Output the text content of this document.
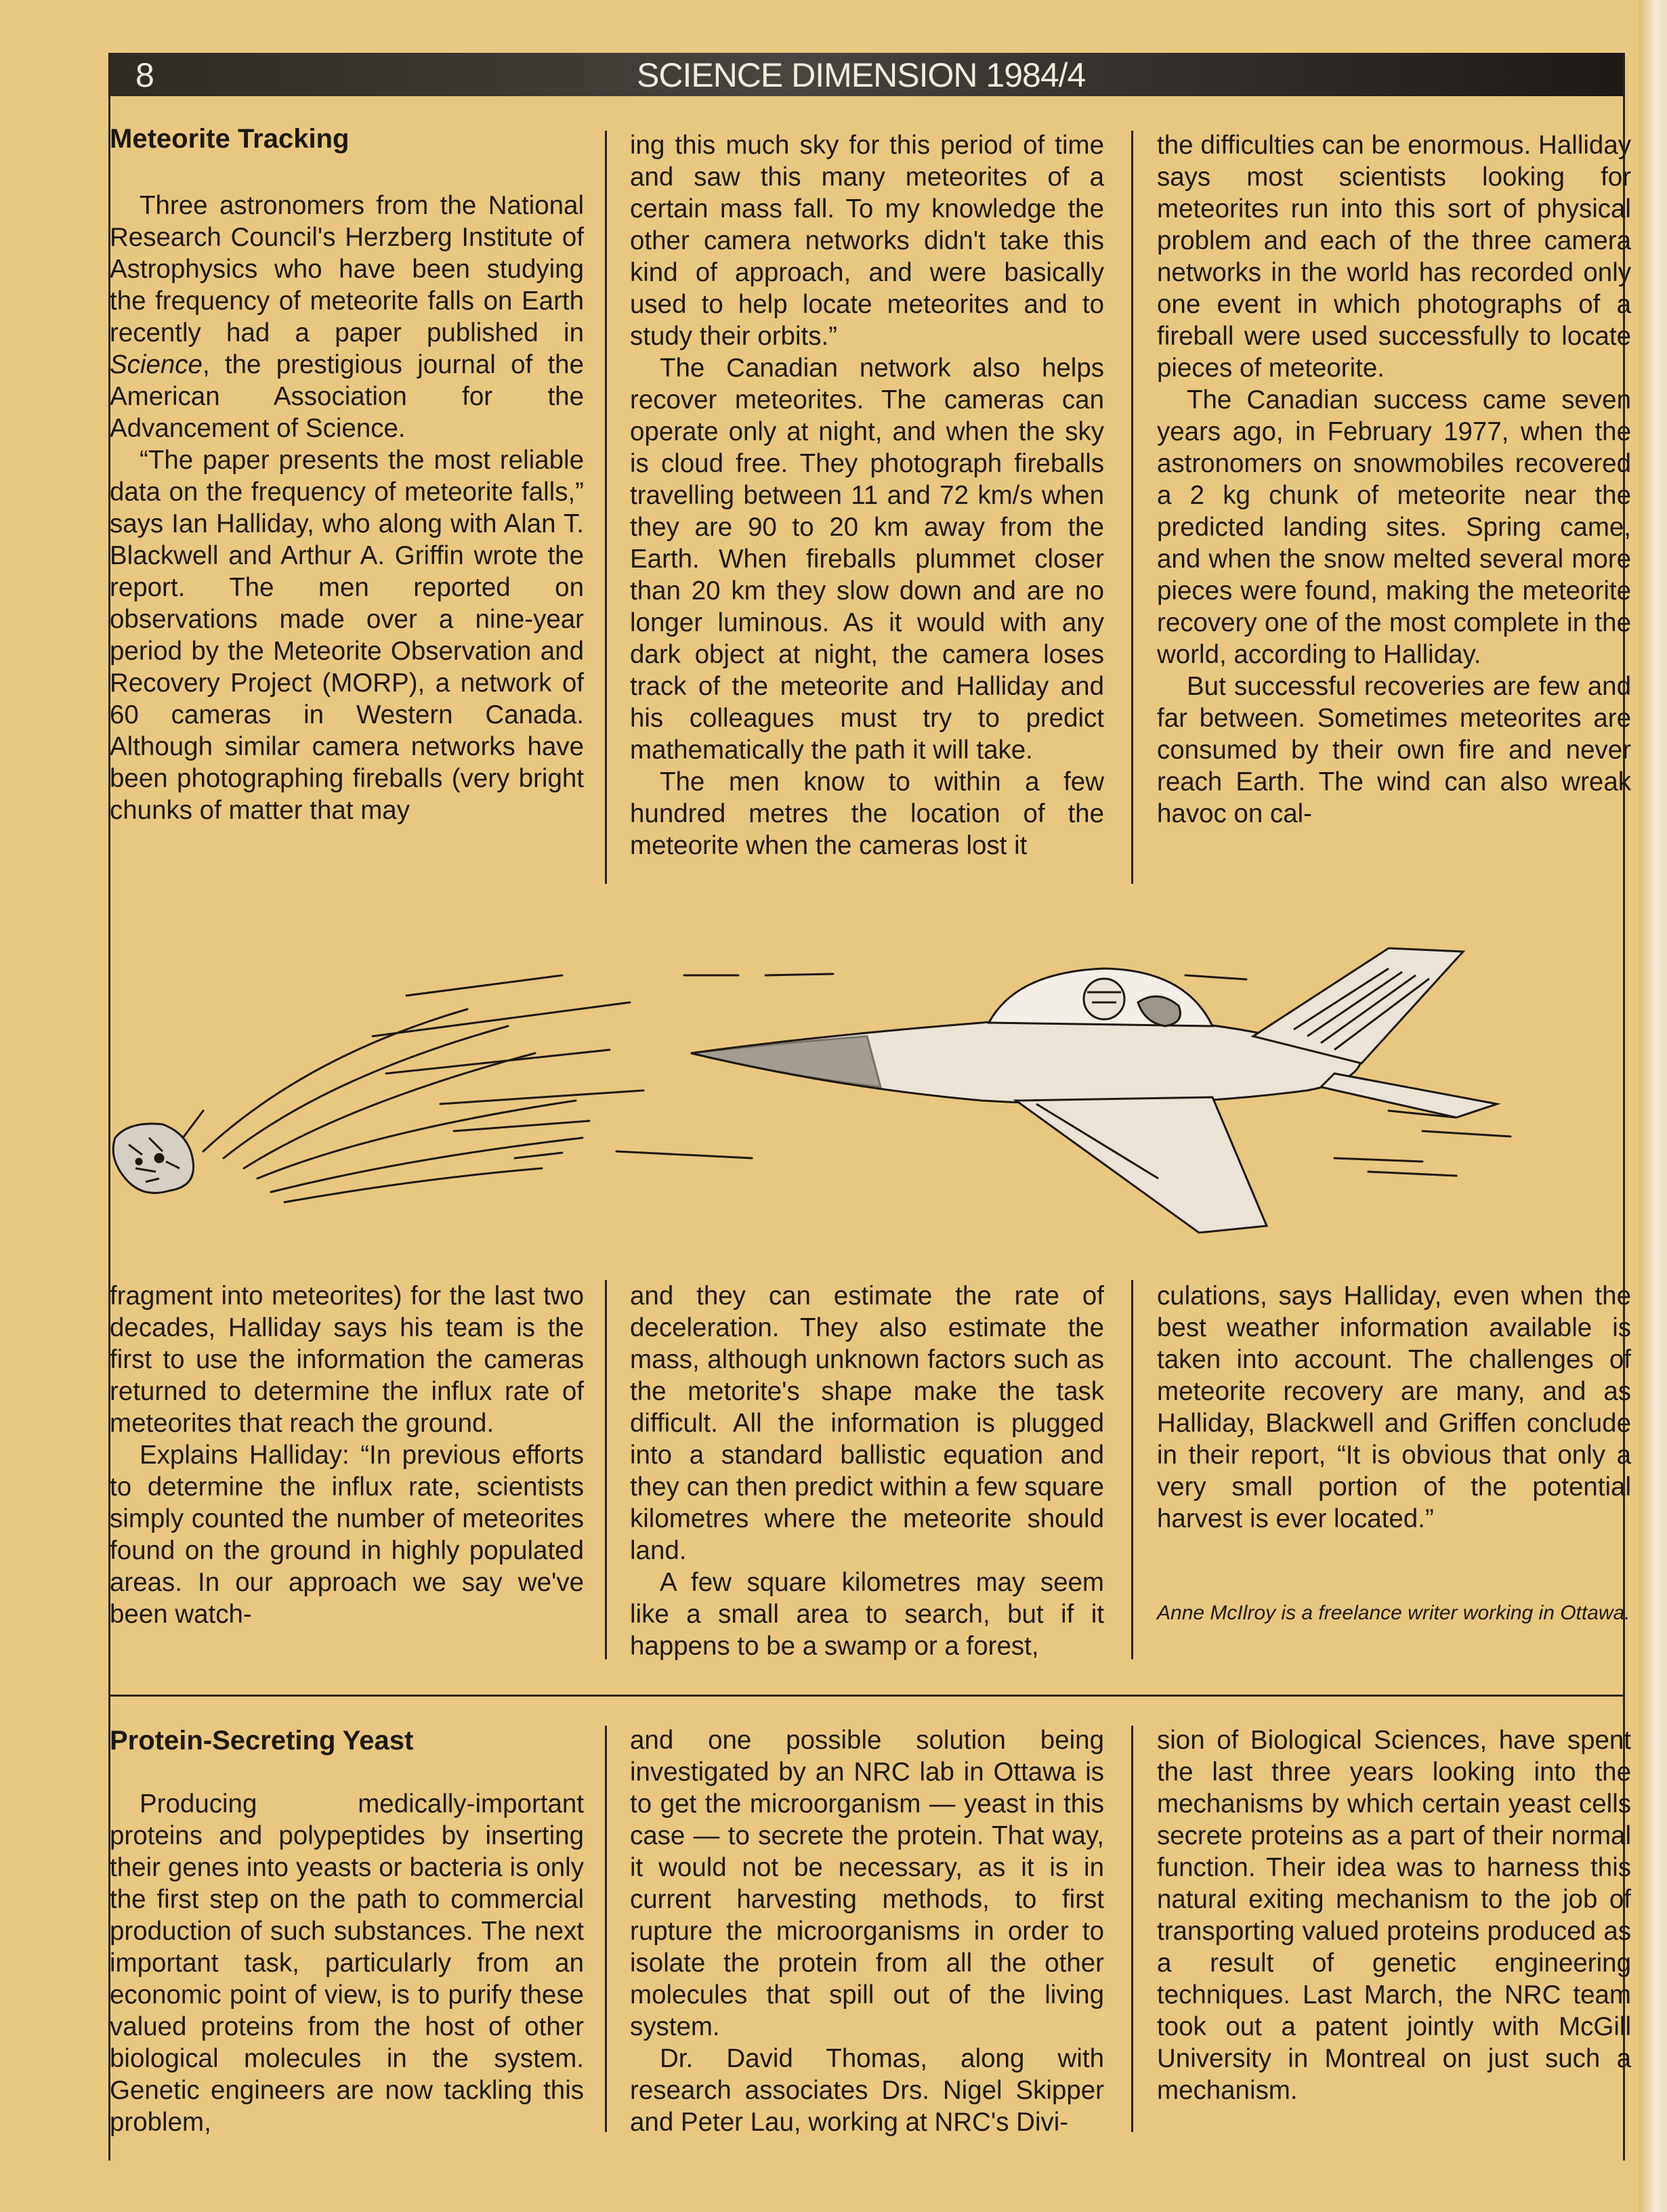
8	SCIENCE DIMENSION 1984/4
Meteorite Tracking

Three astronomers from the National Research Council's Herzberg Institute of Astrophysics who have been studying the frequency of meteorite falls on Earth recently had a paper published in Science, the prestigious journal of the American Association for the Advancement of Science.

“The paper presents the most reliable data on the frequency of meteorite falls,” says Ian Halliday, who along with Alan T. Blackwell and Arthur A. Griffin wrote the report. The men reported on observations made over a nine-year period by the Meteorite Observation and Recovery Project (MORP), a network of 60 cameras in Western Canada. Although similar camera networks have been photographing fireballs (very bright chunks of matter that may

ing this much sky for this period of time and saw this many meteorites of a certain mass fall. To my knowledge the other camera networks didn't take this kind of approach, and were basically used to help locate meteorites and to study their orbits.”

The Canadian network also helps recover meteorites. The cameras can operate only at night, and when the sky is cloud free. They photograph fireballs travelling between 11 and 72 km/s when they are 90 to 20 km away from the Earth. When fireballs plummet closer than 20 km they slow down and are no longer luminous. As it would with any dark object at night, the camera loses track of the meteorite and Halliday and his colleagues must try to predict mathematically the path it will take.

The men know to within a few hundred metres the location of the meteorite when the cameras lost it

the difficulties can be enormous. Halliday says most scientists looking for meteorites run into this sort of physical problem and each of the three camera networks in the world has recorded only one event in which photographs of a fireball were used successfully to locate pieces of meteorite.

The Canadian success came seven years ago, in February 1977, when the astronomers on snowmobiles recovered a 2 kg chunk of meteorite near the predicted landing sites. Spring came, and when the snow melted several more pieces were found, making the meteorite recovery one of the most complete in the world, according to Halliday.

But successful recoveries are few and far between. Sometimes meteorites are consumed by their own fire and never reach Earth. The wind can also wreak havoc on cal-

fragment into meteorites) for the last two decades, Halliday says his team is the first to use the information the cameras returned to determine the influx rate of meteorites that reach the ground.

Explains Halliday: “In previous efforts to determine the influx rate, scientists simply counted the number of meteorites found on the ground in highly populated areas. In our approach we say we've been watch-

and they can estimate the rate of deceleration. They also estimate the mass, although unknown factors such as the metorite's shape make the task difficult. All the information is plugged into a standard ballistic equation and they can then predict within a few square kilometres where the meteorite should land.

A few square kilometres may seem like a small area to search, but if it happens to be a swamp or a forest,

culations, says Halliday, even when the best weather information available is taken into account. The challenges of meteorite recovery are many, and as Halliday, Blackwell and Griffen conclude in their report, “It is obvious that only a very small portion of the potential harvest is ever located.”

Anne McIlroy is a freelance writer working in Ottawa.

Protein-Secreting Yeast

Producing medically-important proteins and polypeptides by inserting their genes into yeasts or bacteria is only the first step on the path to commercial production of such substances. The next important task, particularly from an economic point of view, is to purify these valued proteins from the host of other biological molecules in the system. Genetic engineers are now tackling this problem,

and one possible solution being investigated by an NRC lab in Ottawa is to get the microorganism — yeast in this case — to secrete the protein. That way, it would not be necessary, as it is in current harvesting methods, to first rupture the microorganisms in order to isolate the protein from all the other molecules that spill out of the living system.

Dr. David Thomas, along with research associates Drs. Nigel Skipper and Peter Lau, working at NRC's Divi-

sion of Biological Sciences, have spent the last three years looking into the mechanisms by which certain yeast cells secrete proteins as a part of their normal function. Their idea was to harness this natural exiting mechanism to the job of transporting valued proteins produced as a result of genetic engineering techniques. Last March, the NRC team took out a patent jointly with McGill University in Montreal on just such a mechanism.
